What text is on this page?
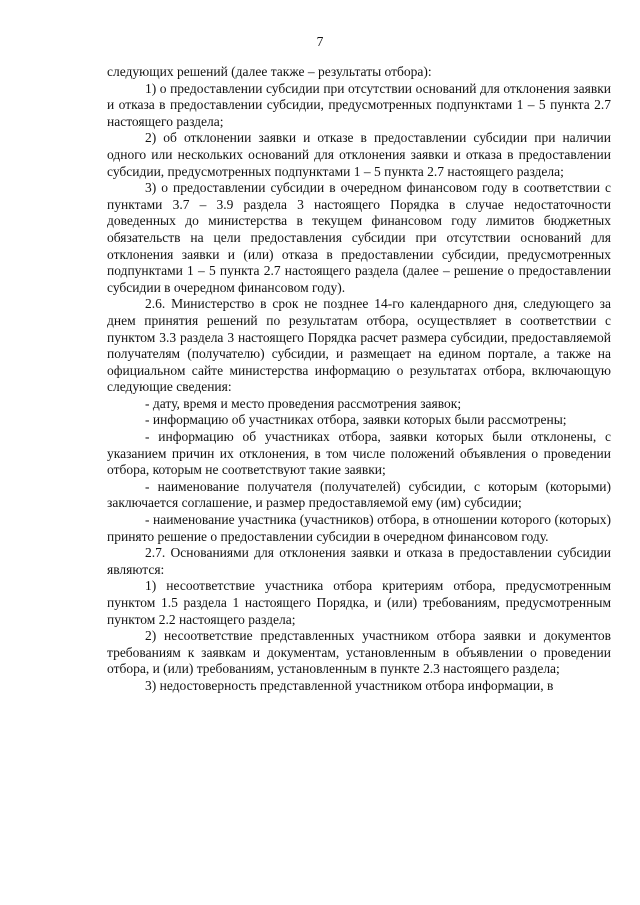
7

следующих решений (далее также – результаты отбора):

1) о предоставлении субсидии при отсутствии оснований для отклонения заявки и отказа в предоставлении субсидии, предусмотренных подпунктами 1 – 5 пункта 2.7 настоящего раздела;

2) об отклонении заявки и отказе в предоставлении субсидии при наличии одного или нескольких оснований для отклонения заявки и отказа в предоставлении субсидии, предусмотренных подпунктами 1 – 5 пункта 2.7 настоящего раздела;

3) о предоставлении субсидии в очередном финансовом году в соответствии с пунктами 3.7 – 3.9 раздела 3 настоящего Порядка в случае недостаточности доведенных до министерства в текущем финансовом году лимитов бюджетных обязательств на цели предоставления субсидии при отсутствии оснований для отклонения заявки и (или) отказа в предоставлении субсидии, предусмотренных подпунктами 1 – 5 пункта 2.7 настоящего раздела (далее – решение о предоставлении субсидии в очередном финансовом году).

2.6. Министерство в срок не позднее 14-го календарного дня, следующего за днем принятия решений по результатам отбора, осуществляет в соответствии с пунктом 3.3 раздела 3 настоящего Порядка расчет размера субсидии, предоставляемой получателям (получателю) субсидии, и размещает на едином портале, а также на официальном сайте министерства информацию о результатах отбора, включающую следующие сведения:

- дату, время и место проведения рассмотрения заявок;

- информацию об участниках отбора, заявки которых были рассмотрены;

- информацию об участниках отбора, заявки которых были отклонены, с указанием причин их отклонения, в том числе положений объявления о проведении отбора, которым не соответствуют такие заявки;

- наименование получателя (получателей) субсидии, с которым (которыми) заключается соглашение, и размер предоставляемой ему (им) субсидии;

- наименование участника (участников) отбора, в отношении которого (которых) принято решение о предоставлении субсидии в очередном финансовом году.

2.7. Основаниями для отклонения заявки и отказа в предоставлении субсидии являются:

1) несоответствие участника отбора критериям отбора, предусмотренным пунктом 1.5 раздела 1 настоящего Порядка, и (или) требованиям, предусмотренным пунктом 2.2 настоящего раздела;

2) несоответствие представленных участником отбора заявки и документов требованиям к заявкам и документам, установленным в объявлении о проведении отбора, и (или) требованиям, установленным в пункте 2.3 настоящего раздела;

3) недостоверность представленной участником отбора информации, в
